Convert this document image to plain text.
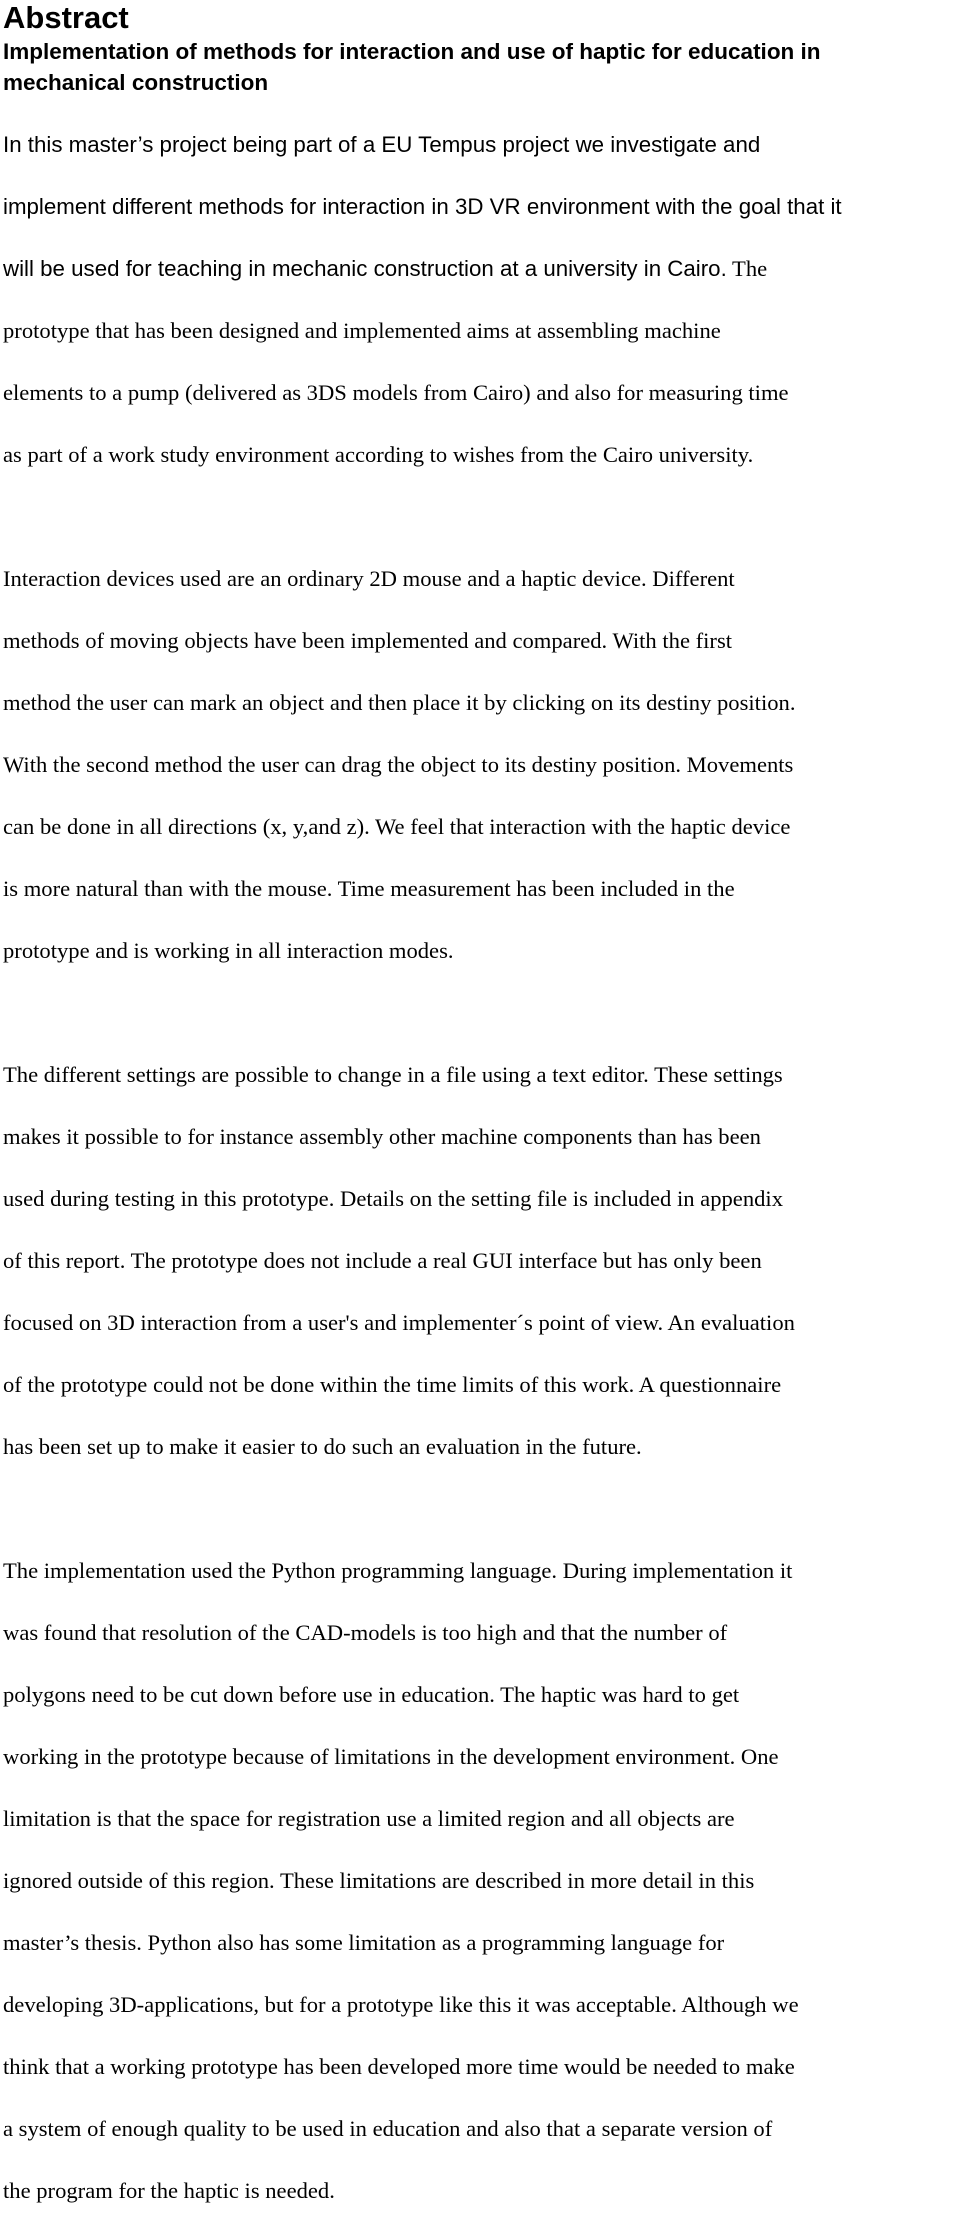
Abstract
Implementation of methods for interaction and use of haptic for education in
mechanical construction

In this master’s project being part of a EU Tempus project we investigate and

implement different methods for interaction in 3D VR environment with the goal that it

will be used for teaching in mechanic construction at a university in Cairo. The

prototype that has been designed and implemented aims at assembling machine

elements to a pump (delivered as 3DS models from Cairo) and also for measuring time

as part of a work study environment according to wishes from the Cairo university.

Interaction devices used are an ordinary 2D mouse and a haptic device. Different

methods of moving objects have been implemented and compared. With the first

method the user can mark an object and then place it by clicking on its destiny position.

With the second method the user can drag the object to its destiny position. Movements

can be done in all directions (x, y,and z). We feel that interaction with the haptic device

is more natural than with the mouse. Time measurement has been included in the

prototype and is working in all interaction modes.

The different settings are possible to change in a file using a text editor. These settings

makes it possible to for instance assembly other machine components than has been

used during testing in this prototype. Details on the setting file is included in appendix

of this report. The prototype does not include a real GUI interface but has only been

focused on 3D interaction from a user's and implementer´s point of view. An evaluation

of the prototype could not be done within the time limits of this work. A questionnaire

has been set up to make it easier to do such an evaluation in the future.

The implementation used the Python programming language. During implementation it

was found that resolution of the CAD-models is too high and that the number of

polygons need to be cut down before use in education. The haptic was hard to get

working in the prototype because of limitations in the development environment. One

limitation is that the space for registration use a limited region and all objects are

ignored outside of this region. These limitations are described in more detail in this

master’s thesis. Python also has some limitation as a programming language for

developing 3D-applications, but for a prototype like this it was acceptable. Although we

think that a working prototype has been developed more time would be needed to make

a system of enough quality to be used in education and also that a separate version of

the program for the haptic is needed.
